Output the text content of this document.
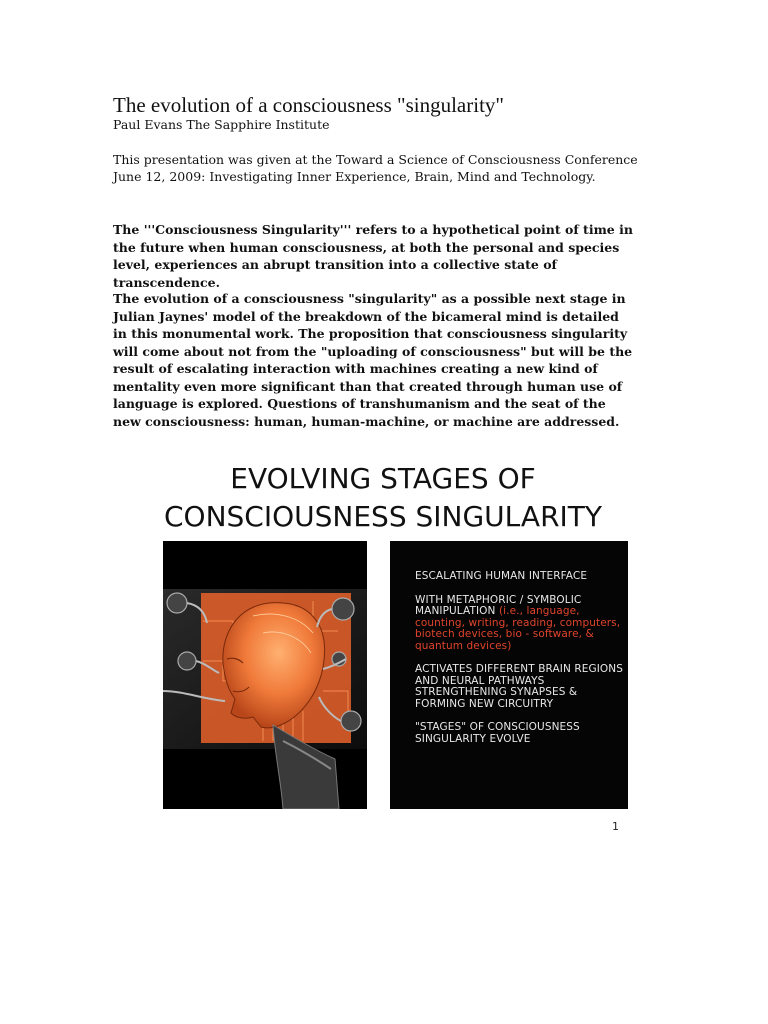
The evolution of a consciousness "singularity"
Paul Evans The Sapphire Institute
This presentation was given at the Toward a Science of Consciousness Conference June 12, 2009: Investigating Inner Experience, Brain, Mind and Technology.
The '''Consciousness Singularity''' refers to a hypothetical point of time in the future when human consciousness, at both the personal and species level, experiences an abrupt transition into a collective state of transcendence.
The evolution of a consciousness "singularity" as a possible next stage in Julian Jaynes' model of the breakdown of the bicameral mind is detailed in this monumental work. The proposition that consciousness singularity will come about not from the "uploading of consciousness" but will be the result of escalating interaction with machines creating a new kind of mentality even more significant than that created through human use of language is explored. Questions of transhumanism and the seat of the new consciousness: human, human-machine, or machine are addressed.
EVOLVING STAGES OF
CONSCIOUSNESS SINGULARITY

ESCALATING HUMAN INTERFACE

WITH METAPHORIC / SYMBOLIC MANIPULATION (i.e., language, counting, writing, reading, computers, biotech devices, bio - software, & quantum devices)

ACTIVATES DIFFERENT BRAIN REGIONS AND NEURAL PATHWAYS STRENGTHENING SYNAPSES & FORMING NEW CIRCUITRY

"STAGES" OF CONSCIOUSNESS SINGULARITY EVOLVE

1
